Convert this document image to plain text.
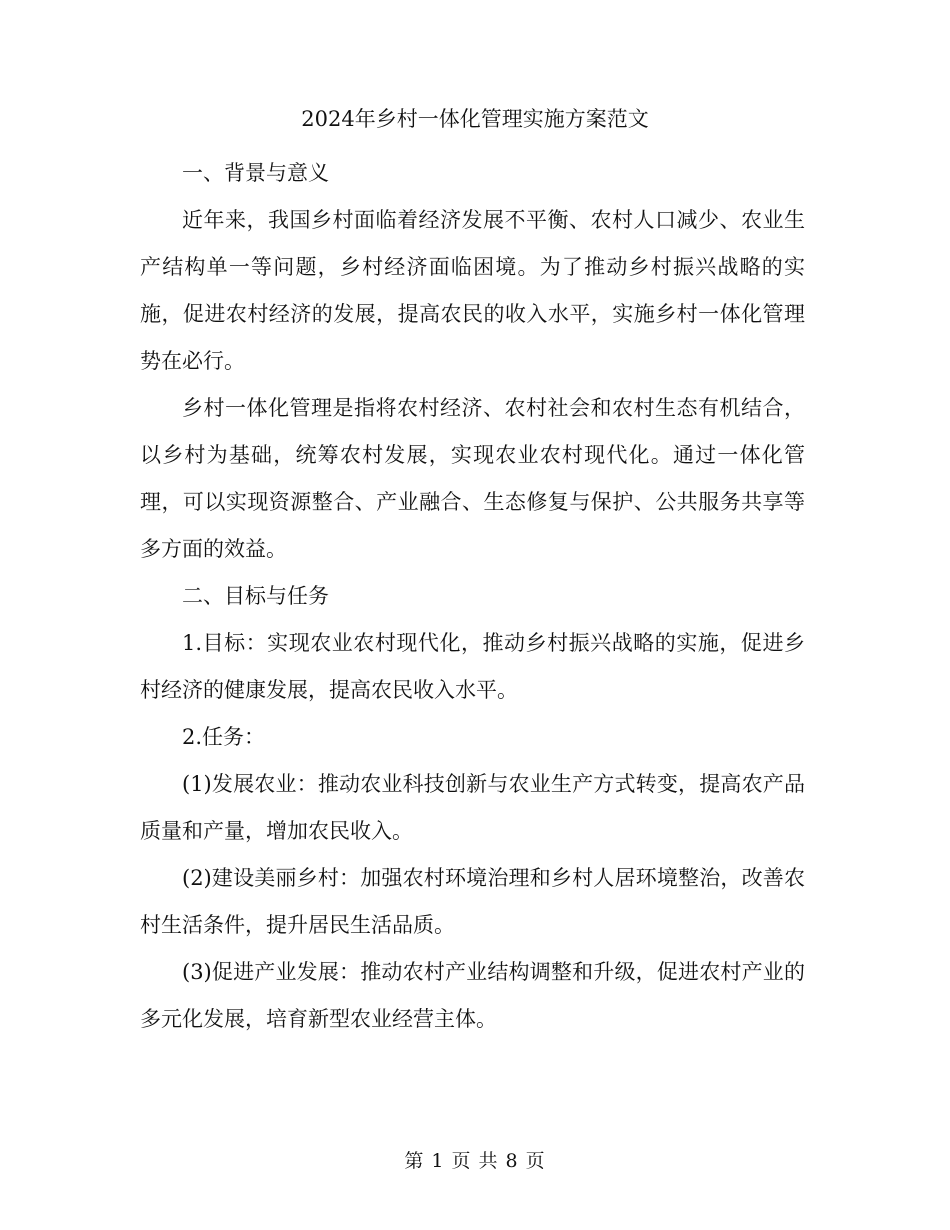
2024年乡村一体化管理实施方案范文

一、背景与意义

近年来，我国乡村面临着经济发展不平衡、农村人口减少、农业生产结构单一等问题，乡村经济面临困境。为了推动乡村振兴战略的实施，促进农村经济的发展，提高农民的收入水平，实施乡村一体化管理势在必行。

乡村一体化管理是指将农村经济、农村社会和农村生态有机结合，以乡村为基础，统筹农村发展，实现农业农村现代化。通过一体化管理，可以实现资源整合、产业融合、生态修复与保护、公共服务共享等多方面的效益。

二、目标与任务

1.目标：实现农业农村现代化，推动乡村振兴战略的实施，促进乡村经济的健康发展，提高农民收入水平。

2.任务：

(1)发展农业：推动农业科技创新与农业生产方式转变，提高农产品质量和产量，增加农民收入。

(2)建设美丽乡村：加强农村环境治理和乡村人居环境整治，改善农村生活条件，提升居民生活品质。

(3)促进产业发展：推动农村产业结构调整和升级，促进农村产业的多元化发展，培育新型农业经营主体。

第 1 页 共 8 页
